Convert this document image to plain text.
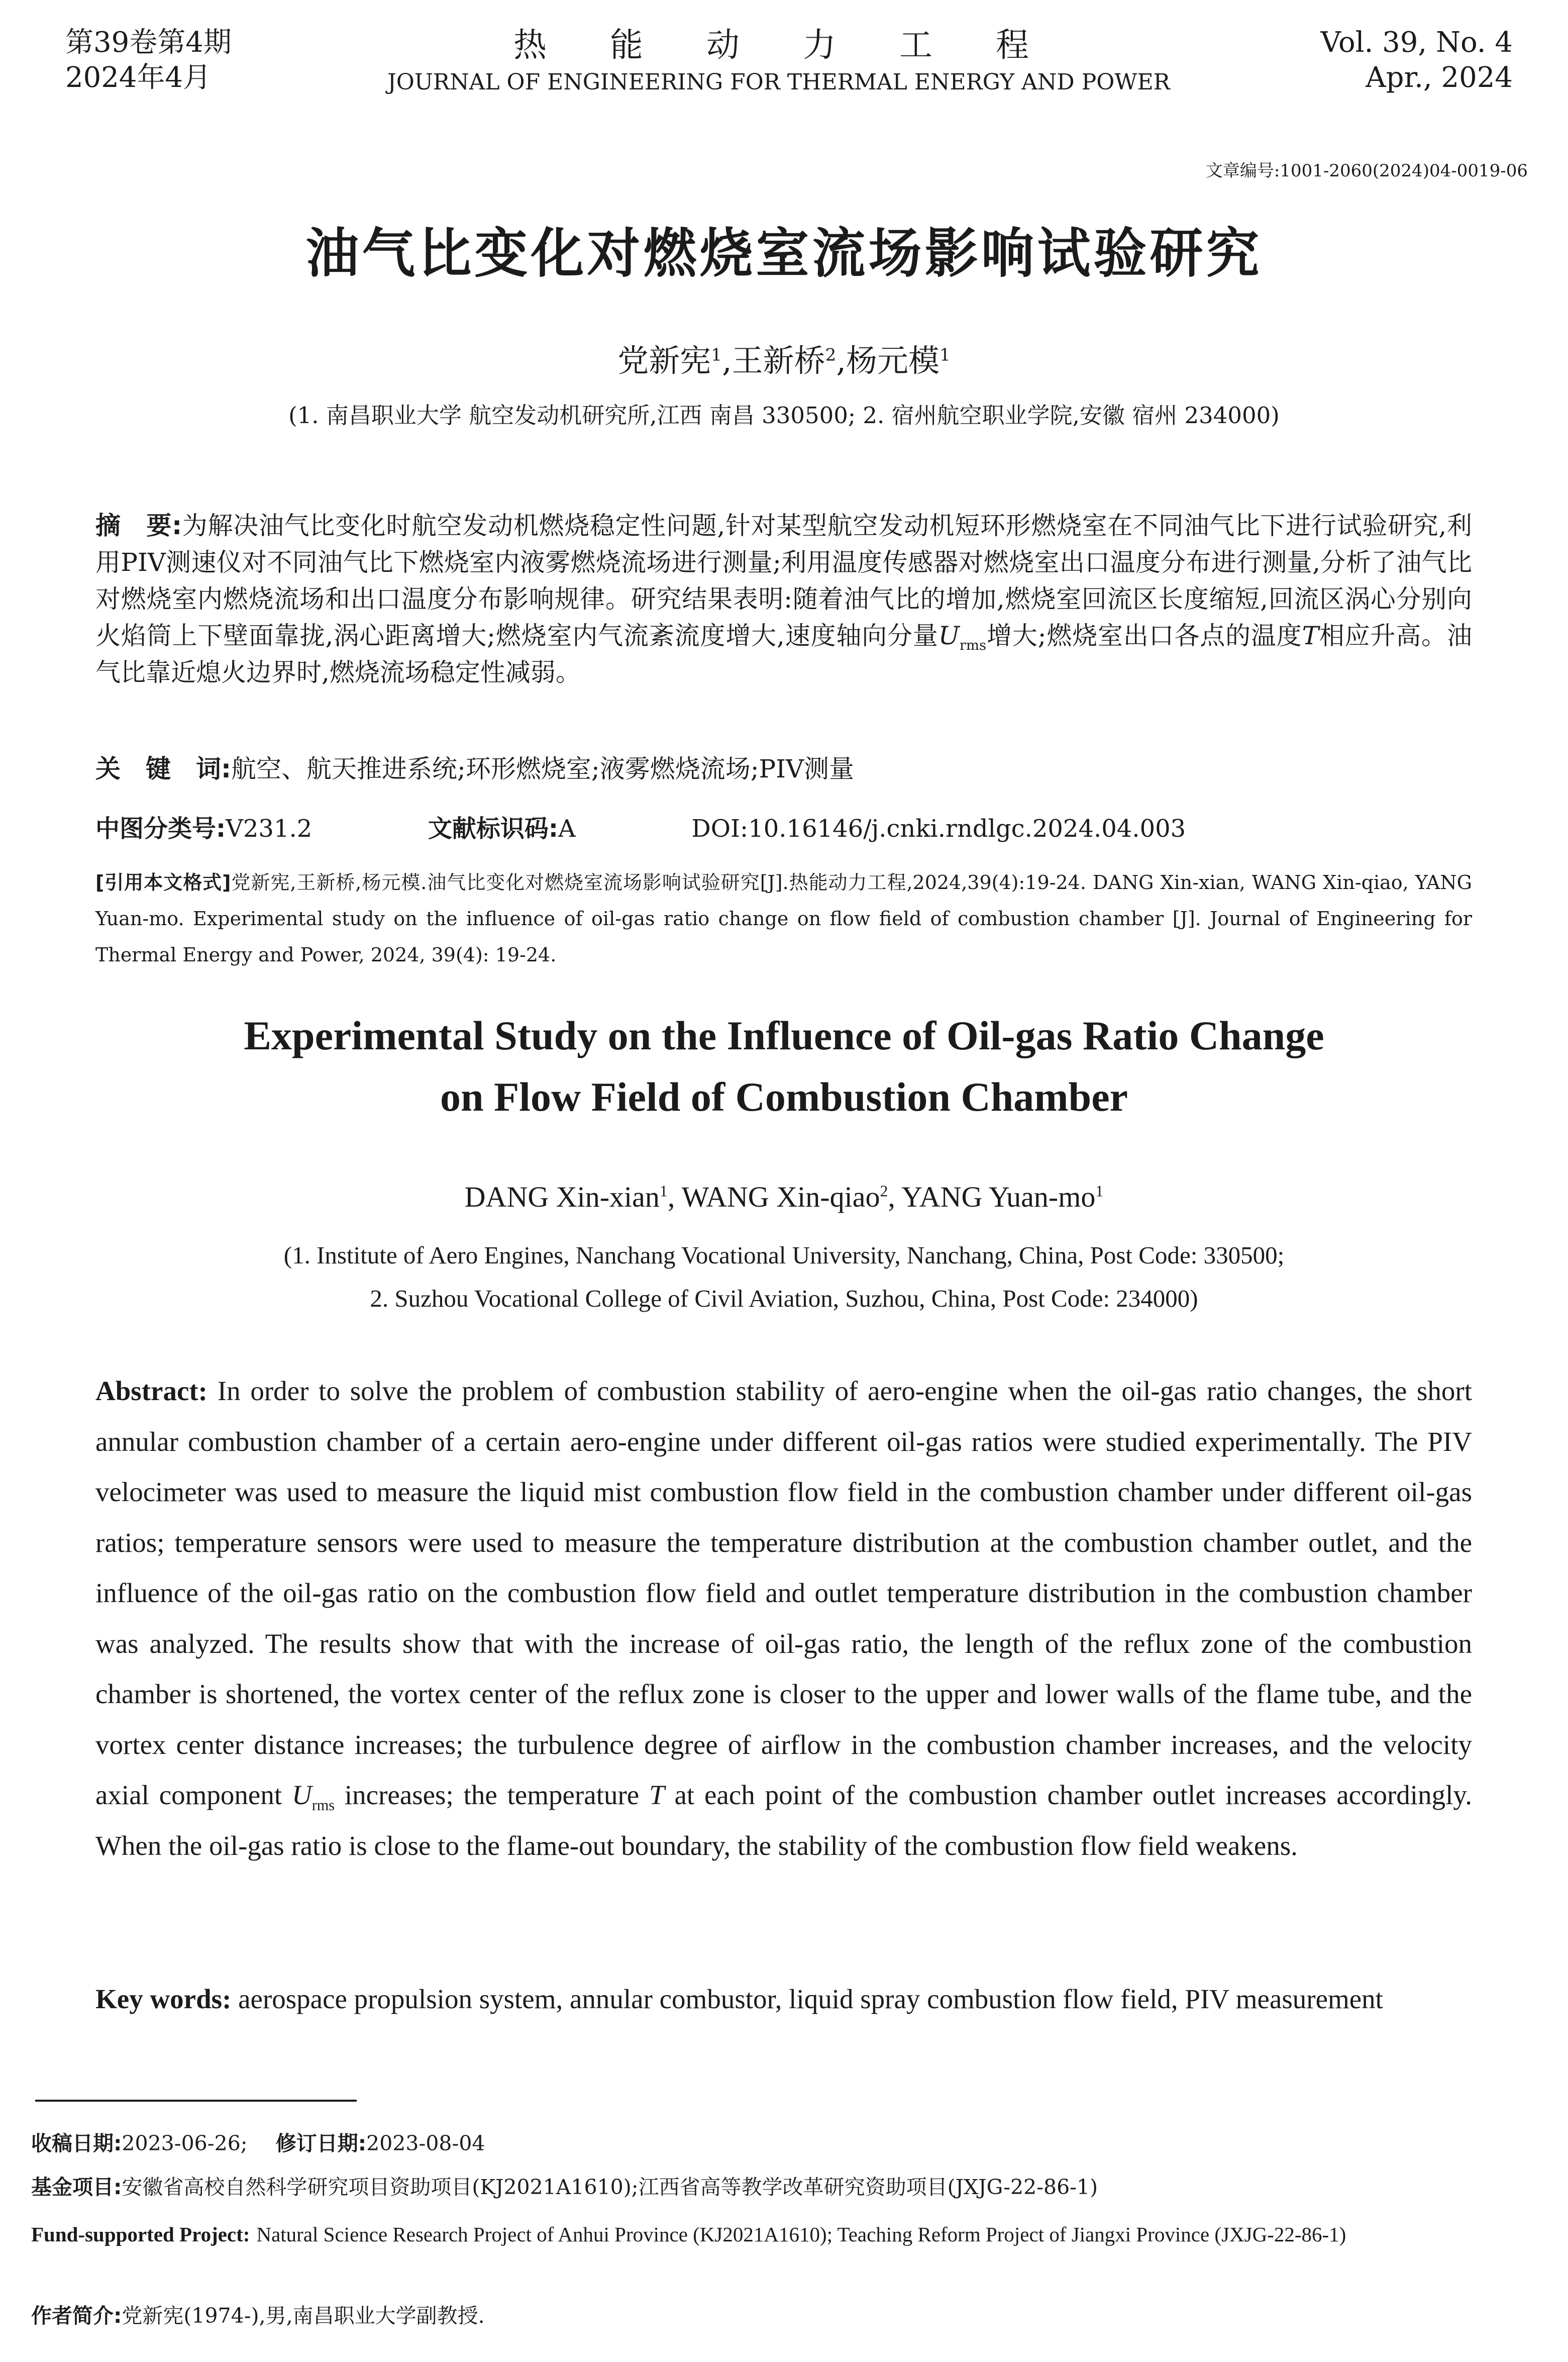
第39卷第4期
2024年4月
热　能　动　力　工　程
JOURNAL OF ENGINEERING FOR THERMAL ENERGY AND POWER
Vol. 39, No. 4
Apr., 2024
文章编号:1001-2060(2024)04-0019-06
油气比变化对燃烧室流场影响试验研究
党新宪$^1$,王新桥$^2$,杨元模$^1$
(1. 南昌职业大学 航空发动机研究所,江西 南昌 330500; 2. 宿州航空职业学院,安徽 宿州 234000)
摘　要:为解决油气比变化时航空发动机燃烧稳定性问题,针对某型航空发动机短环形燃烧室在不同油气比下进行试验研究,利用PIV测速仪对不同油气比下燃烧室内液雾燃烧流场进行测量;利用温度传感器对燃烧室出口温度分布进行测量,分析了油气比对燃烧室内燃烧流场和出口温度分布影响规律。研究结果表明:随着油气比的增加,燃烧室回流区长度缩短,回流区涡心分别向火焰筒上下壁面靠拢,涡心距离增大;燃烧室内气流紊流度增大,速度轴向分量$U_{rms}$增大;燃烧室出口各点的温度T相应升高。油气比靠近熄火边界时,燃烧流场稳定性减弱。
关　键　词:航空、航天推进系统;环形燃烧室;液雾燃烧流场;PIV测量
中图分类号:V231.2	文献标识码:A	DOI:10.16146/j.cnki.rndlgc.2024.04.003
[引用本文格式]党新宪,王新桥,杨元模.油气比变化对燃烧室流场影响试验研究[J].热能动力工程,2024,39(4):19-24. DANG Xin-xian, WANG Xin-qiao, YANG Yuan-mo. Experimental study on the influence of oil-gas ratio change on flow field of combustion chamber [J]. Journal of Engineering for Thermal Energy and Power, 2024, 39(4): 19-24.
Experimental Study on the Influence of Oil-gas Ratio Change
on Flow Field of Combustion Chamber
DANG Xin-xian$^1$, WANG Xin-qiao$^2$, YANG Yuan-$mo^1$
(1. Institute of Aero Engines, Nanchang Vocational University, Nanchang, China, Post Code: 330500;
2. Suzhou Vocational College of Civil Aviation, Suzhou, China, Post Code: 234000)
Abstract: In order to solve the problem of combustion stability of aero-engine when the oil-gas ratio changes, the short annular combustion chamber of a certain aero-engine under different oil-gas ratios were studied experimentally. The PIV velocimeter was used to measure the liquid mist combustion flow field in the combustion chamber under different oil-gas ratios; temperature sensors were used to measure the temperature distribution at the combustion chamber outlet, and the influence of the oil-gas ratio on the combustion flow field and outlet temperature distribution in the combustion chamber was analyzed. The results show that with the increase of oil-gas ratio, the length of the reflux zone of the combustion chamber is shortened, the vortex center of the reflux zone is closer to the upper and lower walls of the flame tube, and the vortex center distance increases; the turbulence degree of airflow in the combustion chamber increases, and the velocity axial component $U_{rms}$ increases; the temperature T at each point of the combustion chamber outlet increases accordingly. When the oil-gas ratio is close to the flame-out boundary, the stability of the combustion flow field weakens.
Key words: aerospace propulsion system, annular combustor, liquid spray combustion flow field, PIV measurement
收稿日期:2023-06-26; 修订日期:2023-08-04
基金项目:安徽省高校自然科学研究项目资助项目(KJ2021A1610);江西省高等教学改革研究资助项目(JXJG-22-86-1)
Fund-supported Project: Natural Science Research Project of Anhui Province (KJ2021A1610); Teaching Reform Project of Jiangxi Province (JXJG-22-86-1)
作者简介:党新宪(1974-),男,南昌职业大学副教授.
